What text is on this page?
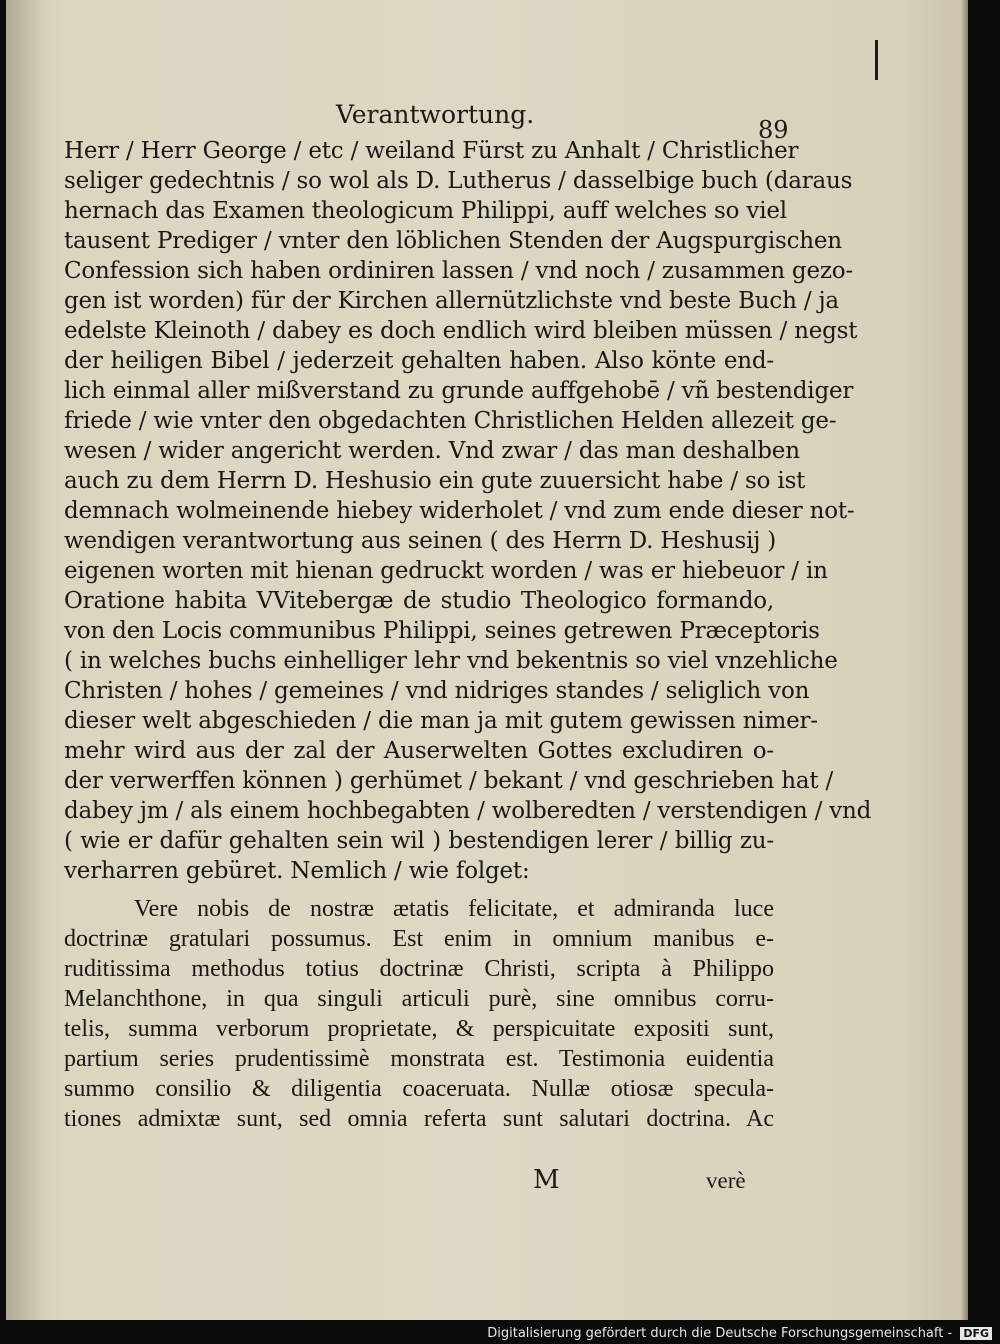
Verantwortung.
89
Herr / Herr George / etc / weiland Fürst zu Anhalt / Christlicher
seliger gedechtnis / so wol als D. Lutherus / dasselbige buch (daraus
hernach das Examen theologicum Philippi, auff welches so viel
tausent Prediger / vnter den löblichen Stenden der Augspurgischen
Confession sich haben ordiniren lassen / vnd noch / zusammen gezo-
gen ist worden) für der Kirchen allernützlichste vnd beste Buch / ja
edelste Kleinoth / dabey es doch endlich wird bleiben müssen / negst
der heiligen Bibel / jederzeit gehalten haben. Also könte end-
lich einmal aller mißverstand zu grunde auffgehobē / vñ bestendiger
friede / wie vnter den obgedachten Christlichen Helden allezeit ge-
wesen / wider angericht werden. Vnd zwar / das man deshalben
auch zu dem Herrn D. Heshusio ein gute zuuersicht habe / so ist
demnach wolmeinende hiebey widerholet / vnd zum ende dieser not-
wendigen verantwortung aus seinen ( des Herrn D. Heshusij )
eigenen worten mit hienan gedruckt worden / was er hiebeuor / in
Oratione habita VVitebergæ de studio Theologico formando,
von den Locis communibus Philippi, seines getrewen Præceptoris
( in welches buchs einhelliger lehr vnd bekentnis so viel vnzehliche
Christen / hohes / gemeines / vnd nidriges standes / seliglich von
dieser welt abgeschieden / die man ja mit gutem gewissen nimer-
mehr wird aus der zal der Auserwelten Gottes excludiren o-
der verwerffen können ) gerhümet / bekant / vnd geschrieben hat /
dabey jm / als einem hochbegabten / wolberedten / verstendigen / vnd
( wie er dafür gehalten sein wil ) bestendigen lerer / billig zu-
verharren gebüret. Nemlich / wie folget:
Vere nobis de nostræ ætatis felicitate, et admiranda luce
doctrinæ gratulari possumus. Est enim in omnium manibus e-
ruditissima methodus totius doctrinæ Christi, scripta à Philippo
Melanchthone, in qua singuli articuli purè, sine omnibus corru-
telis, summa verborum proprietate, & perspicuitate expositi sunt,
partium series prudentissimè monstrata est. Testimonia euidentia
summo consilio & diligentia coaceruata. Nullæ otiosæ specula-
tiones admixtæ sunt, sed omnia referta sunt salutari doctrina. Ac
M	verè
Digitalisierung gefördert durch die Deutsche Forschungsgemeinschaft - DFG
